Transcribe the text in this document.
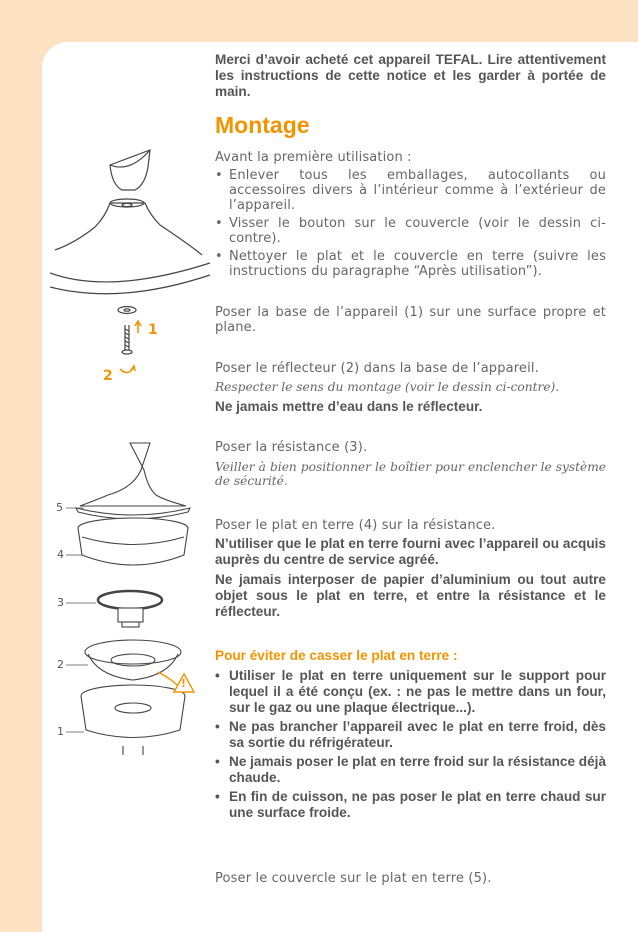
1
2
!
5
4
3
2
1
Merci d’avoir acheté cet appareil TEFAL. Lire attentivement les instructions de cette notice et les garder à portée de main.
Montage
Avant la première utilisation :
• Enlever tous les emballages, autocollants ou accessoires divers à l’intérieur comme à l’extérieur de l’appareil.
• Visser le bouton sur le couvercle (voir le dessin ci-contre).
• Nettoyer le plat et le couvercle en terre (suivre les instructions du paragraphe “Après utilisation”).
Poser la base de l’appareil (1) sur une surface propre et plane.
Poser le réflecteur (2) dans la base de l’appareil.
Respecter le sens du montage (voir le dessin ci-contre).
Ne jamais mettre d’eau dans le réflecteur.
Poser la résistance (3).
Veiller à bien positionner le boîtier pour enclencher le système de sécurité.
Poser le plat en terre (4) sur la résistance.
N’utiliser que le plat en terre fourni avec l’appareil ou acquis auprès du centre de service agréé.
Ne jamais interposer de papier d’aluminium ou tout autre objet sous le plat en terre, et entre la résistance et le réflecteur.
Pour éviter de casser le plat en terre :
• Utiliser le plat en terre uniquement sur le support pour lequel il a été conçu (ex. : ne pas le mettre dans un four, sur le gaz ou une plaque électrique...).
• Ne pas brancher l’appareil avec le plat en terre froid, dès sa sortie du réfrigérateur.
• Ne jamais poser le plat en terre froid sur la résistance déjà chaude.
• En fin de cuisson, ne pas poser le plat en terre chaud sur une surface froide.
Poser le couvercle sur le plat en terre (5).
